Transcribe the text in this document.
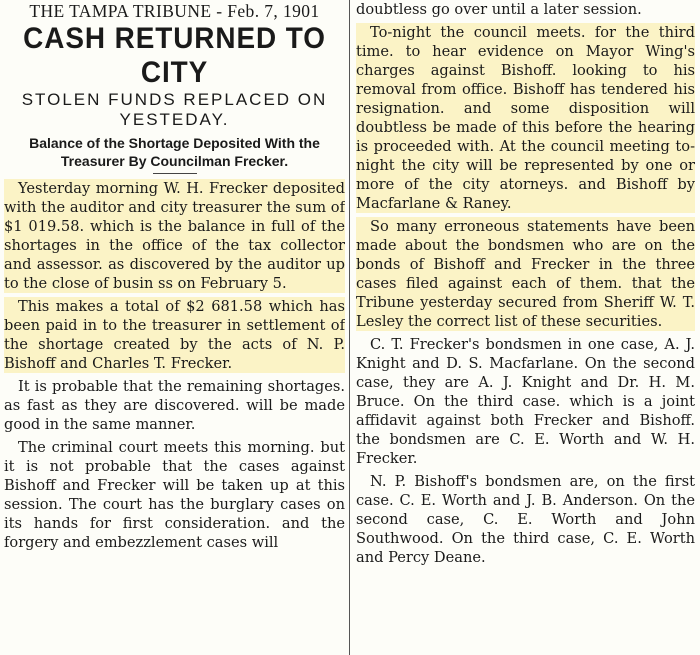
THE TAMPA TRIBUNE - Feb. 7, 1901
CASH RETURNED TO CITY
STOLEN FUNDS REPLACED ON YESTEDAY.
Balance of the Shortage Deposited With the Treasurer By Councilman Frecker.

Yesterday morning W. H. Frecker deposited with the auditor and city treasurer the sum of $1 019.58. which is the balance in full of the shortages in the office of the tax collector and assessor. as discovered by the auditor up to the close of busin ss on February 5.

This makes a total of $2 681.58 which has been paid in to the treasurer in settlement of the shortage created by the acts of N. P. Bishoff and Charles T. Frecker.

It is probable that the remaining shortages. as fast as they are discovered. will be made good in the same manner.

The criminal court meets this morning. but it is not probable that the cases against Bishoff and Frecker will be taken up at this session. The court has the burglary cases on its hands for first consideration. and the forgery and embezzlement cases will

doubtless go over until a later session.

To-night the council meets. for the third time. to hear evidence on Mayor Wing's charges against Bishoff. looking to his removal from office. Bishoff has tendered his resignation. and some disposition will doubtless be made of this before the hearing is proceeded with. At the council meeting to-night the city will be represented by one or more of the city atorneys. and Bishoff by Macfarlane & Raney.

So many erroneous statements have been made about the bondsmen who are on the bonds of Bishoff and Frecker in the three cases filed against each of them. that the Tribune yesterday secured from Sheriff W. T. Lesley the correct list of these securities.

C. T. Frecker's bondsmen in one case, A. J. Knight and D. S. Macfarlane. On the second case, they are A. J. Knight and Dr. H. M. Bruce. On the third case. which is a joint affidavit against both Frecker and Bishoff. the bondsmen are C. E. Worth and W. H. Frecker.

N. P. Bishoff's bondsmen are, on the first case. C. E. Worth and J. B. Anderson. On the second case, C. E. Worth and John Southwood. On the third case, C. E. Worth and Percy Deane.
